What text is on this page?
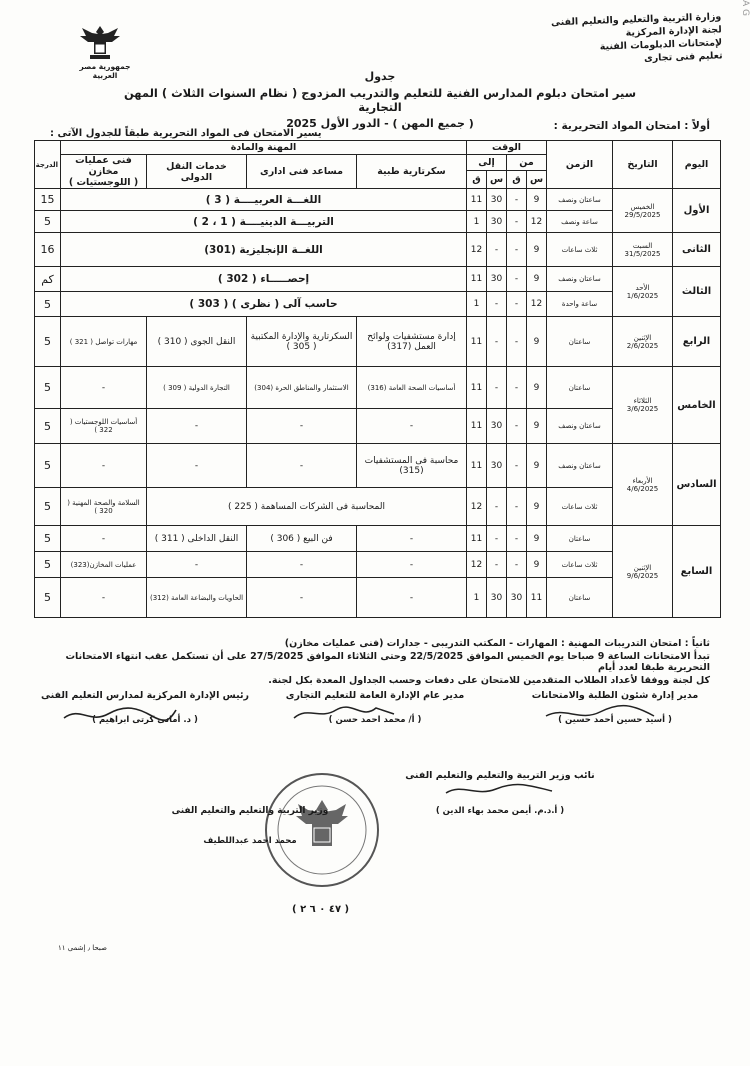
A G
وزارة التربية والتعليم والتعليم الفنى
لجنة الإدارة المركزية
لإمتحانات الدبلومات الفنية
تعليم فنى تجارى
جمهورية مصر العربية	جدول
سير امتحان دبلوم المدارس الفنية للتعليم والتدريب المزدوج ( نظام السنوات الثلاث ) المهن التجارية
( جميع المهن ) - الدور الأول 2025	أولاً : امتحان المواد التحريرية :
يسير الامتحان فى المواد التحريرية طبقاً للجدول الآتى :
اليوم	التاريخ	الزمن	الوقت				المهنة والمادة				الدرجة
			من		إلى		سكرتارية طبية	مساعد فنى ادارى	خدمات النقل الدولى	فنى عمليات مخازن
( اللوجستيات )	

			س	ق	س	ق					
الأول	الخميس
29/5/2025	ساعتان ونصف	9	-	30	11	اللغـــة العربيــــة ( 3 )				15
		ساعة ونصف	12	-	30	1	التربيـــة الدينيــــة ( 1 ، 2 )				5
الثانى	السبت
31/5/2025	ثلاث ساعات	9	-	-	12	اللغــة الإنجليزية (301)				16
الثالث	الأحد
1/6/2025	ساعتان ونصف	9	-	30	11	إحصـــــاء ( 302 )				كم
		ساعة واحدة	12	-	-	1	حاسب آلى ( نظرى ) ( 303 )				5
الرابع	الإثنين
2/6/2025	ساعتان	9	-	-	11	إدارة مستشفيات ولوائح العمل (317)	السكرتارية والإدارة المكتبية ( 305 )	النقل الجوى ( 310 )	مهارات تواصل ( 321 )	5
الخامس	الثلاثاء
3/6/2025	ساعتان	9	-	-	11	أساسيات الصحة العامة (316)	الاستثمار والمناطق الحرة (304)	التجارة الدولية ( 309 )	-	5
		ساعتان ونصف	9	-	30	11	-	-	-	أساسيات اللوجستيات ( 322 )	5
السادس	الأربعاء
4/6/2025	ساعتان ونصف	9	-	30	11	محاسبة فى المستشفيات (315)	-	-	-	5
		ثلاث ساعات	9	-	-	12	المحاسبة فى الشركات المساهمة ( 225 )			السلامة والصحة المهنية ( 320 )	5
السابع	الإثنين
9/6/2025	ساعتان	9	-	-	11	-	فن البيع ( 306 )	النقل الداخلى ( 311 )	-	5
		ثلاث ساعات	9	-	-	12	-	-	-	عمليات المخازن(323)	5
		ساعتان	11	30	30	1	-	-	الحاويات والبضاعة العامة (312)	-	5
ثانياً : امتحان التدريبات المهنية : المهارات - المكتب التدريبى - جدارات (فنى عمليات مخازن)
تبدأ الامتحانات الساعة 9 صباحا يوم الخميس الموافق 22/5/2025 وحتى الثلاثاء الموافق 27/5/2025 على أن تستكمل عقب انتهاء الامتحانات التحريرية طبقا لعدد أيام
كل لجنة ووفقا لأعداد الطلاب المتقدمين للامتحان على دفعات وحسب الجداول المعدة بكل لجنة.
مدير إدارة شئون الطلبة والامتحانات
( أسيد حسين أحمد حسين )
مدير عام الإدارة العامة للتعليم التجارى
( أ/ محمد احمد حسن )
رئيس الإدارة المركزية لمدارس التعليم الفنى
( د. أمانى كرتى ابراهيم )
نائب وزير التربية والتعليم والتعليم الفنى
( أ.د.م. أيمن محمد بهاء الدين )
وزير التربية والتعليم والتعليم الفنى
محمد احمد عبداللطيف
( ٤٧ ٠ ٦ ٢ )
صبحا ٫ إشمى ١١
